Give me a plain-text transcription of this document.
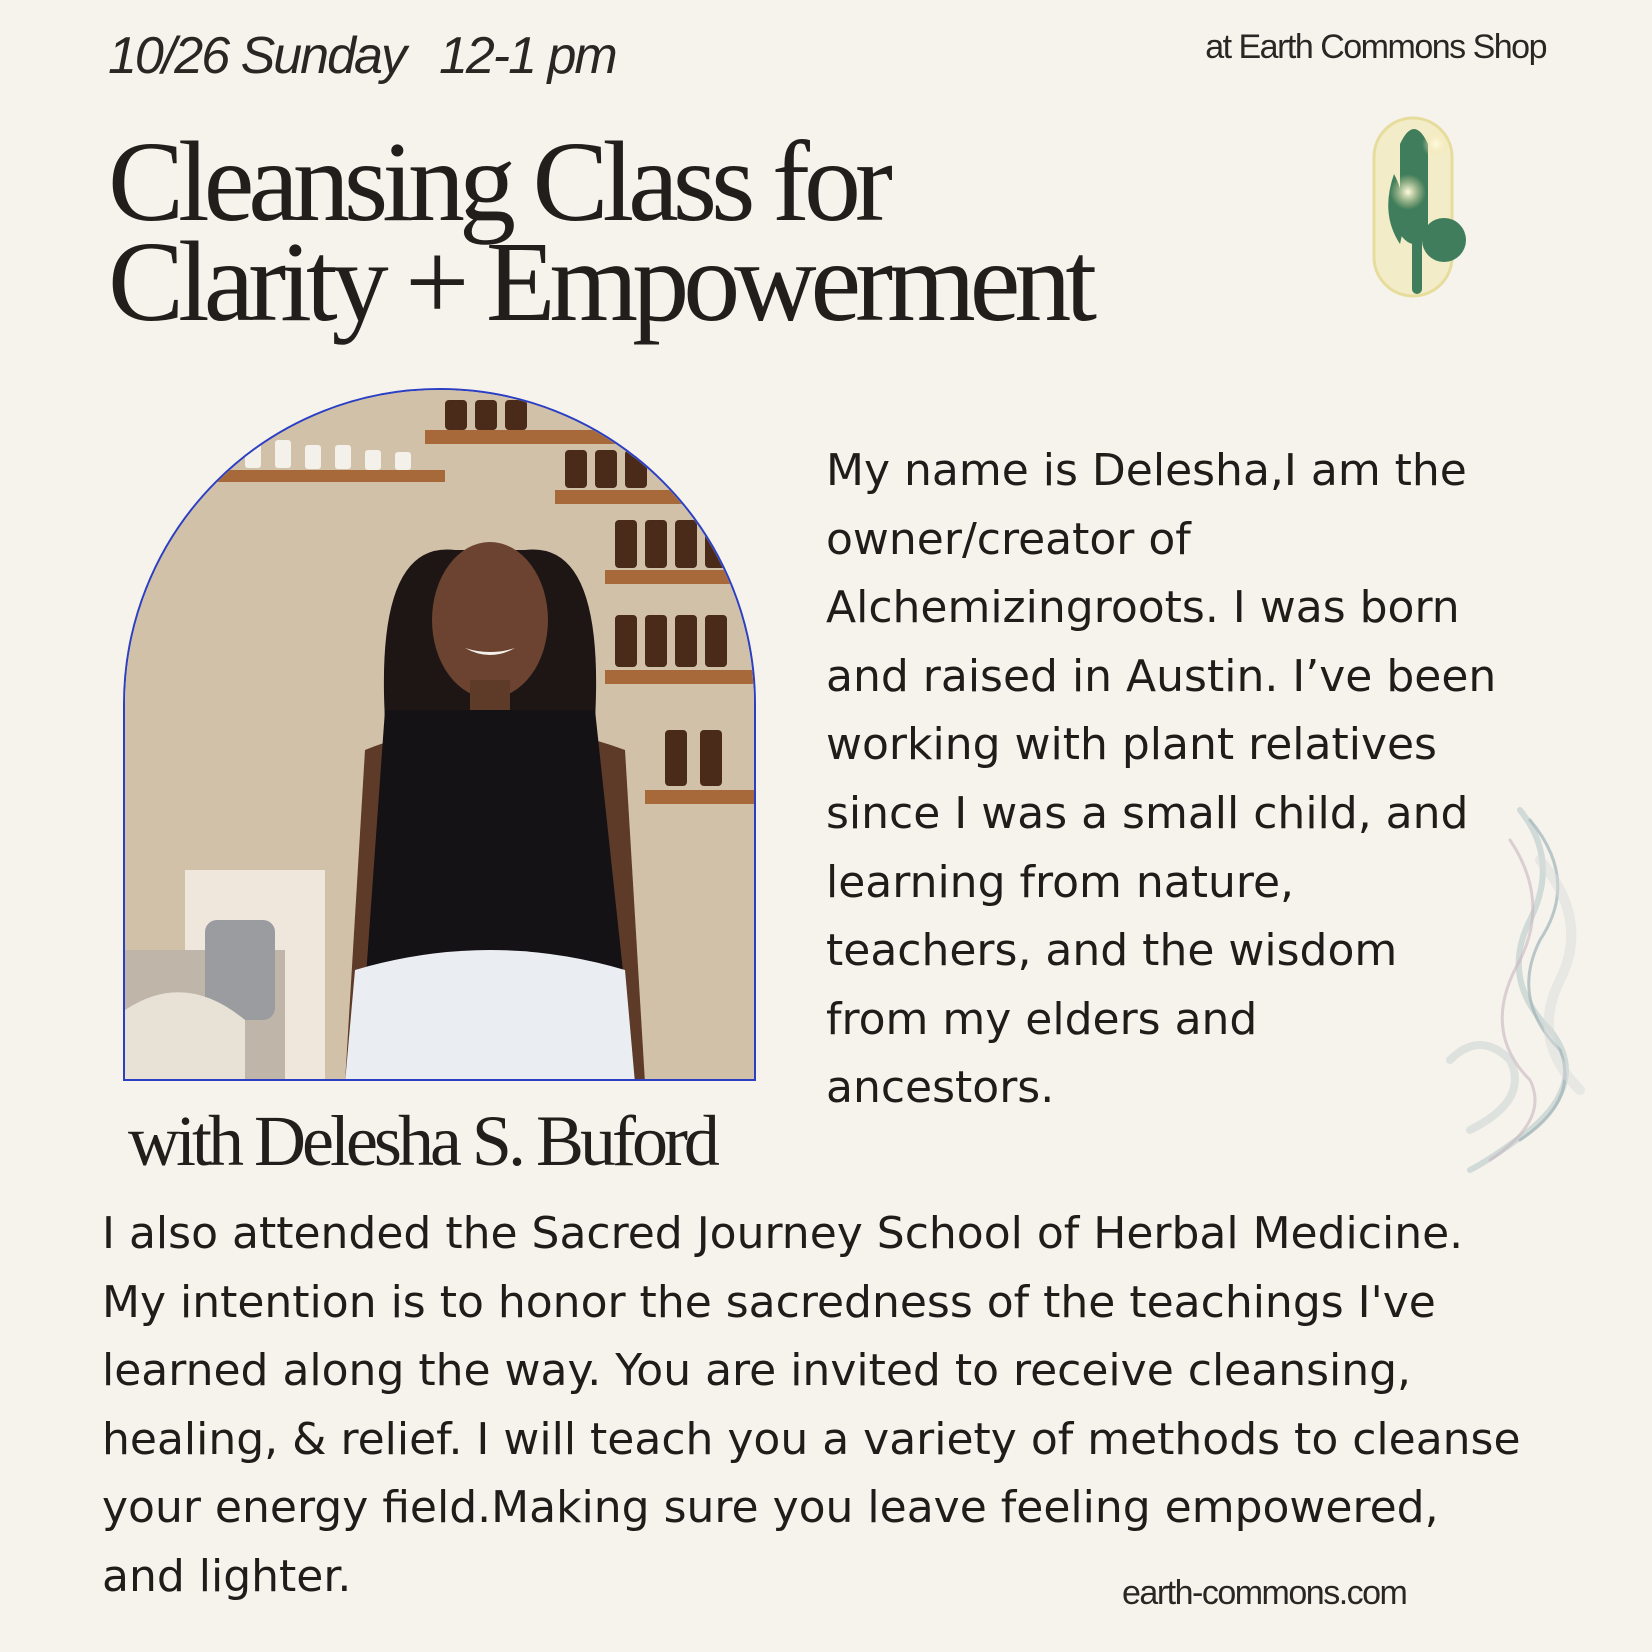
10/26 Sunday 12-1 pm	at Earth Commons Shop
Cleansing Class for
Clarity + Empowerment
with Delesha S. Buford
My name is Delesha,I am the
owner/creator of
Alchemizingroots. I was born
and raised in Austin. I’ve been
working with plant relatives
since I was a small child, and
learning from nature,
teachers, and the wisdom
from my elders and
ancestors.
I also attended the Sacred Journey School of Herbal Medicine.
My intention is to honor the sacredness of the teachings I've
learned along the way. You are invited to receive cleansing,
healing, & relief. I will teach you a variety of methods to cleanse
your energy field.Making sure you leave feeling empowered,
and lighter.	earth-commons.com
